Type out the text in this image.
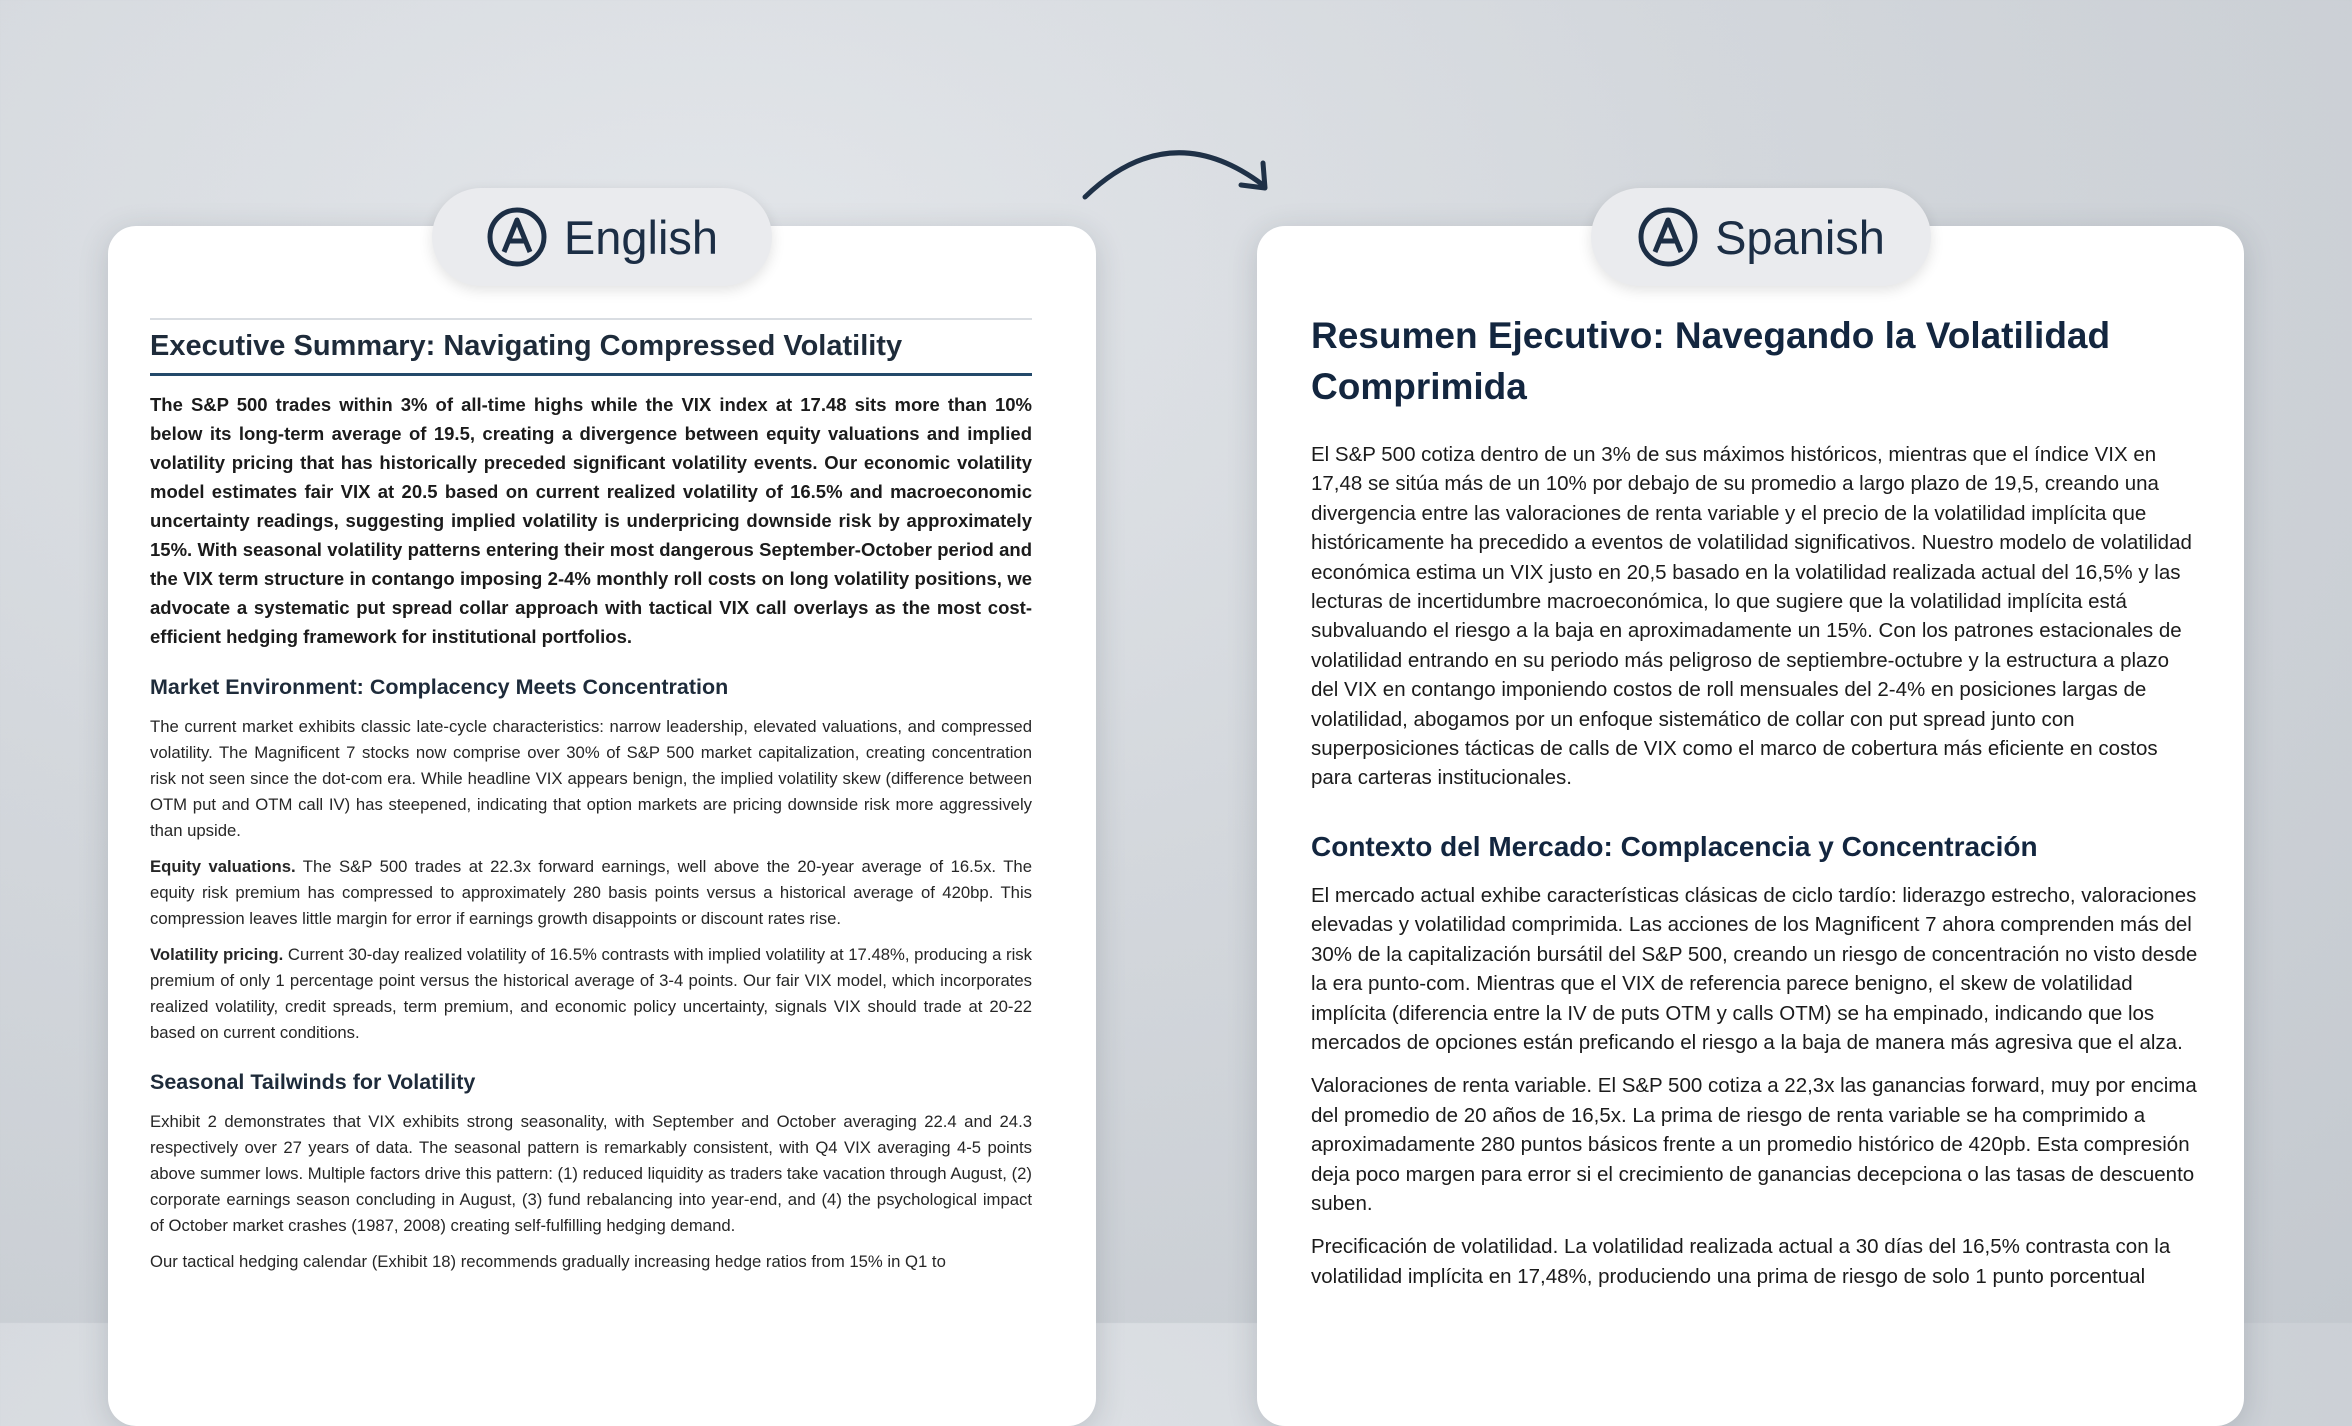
English	Spanish
Executive Summary: Navigating Compressed Volatility
The S&P 500 trades within 3% of all-time highs while the VIX index at 17.48 sits more than 10% below its long-term average of 19.5, creating a divergence between equity valuations and implied volatility pricing that has historically preceded significant volatility events. Our economic volatility model estimates fair VIX at 20.5 based on current realized volatility of 16.5% and macroeconomic uncertainty readings, suggesting implied volatility is underpricing downside risk by approximately 15%. With seasonal volatility patterns entering their most dangerous September-October period and the VIX term structure in contango imposing 2-4% monthly roll costs on long volatility positions, we advocate a systematic put spread collar approach with tactical VIX call overlays as the most cost-efficient hedging framework for institutional portfolios.
Market Environment: Complacency Meets Concentration
The current market exhibits classic late-cycle characteristics: narrow leadership, elevated valuations, and compressed volatility. The Magnificent 7 stocks now comprise over 30% of S&P 500 market capitalization, creating concentration risk not seen since the dot-com era. While headline VIX appears benign, the implied volatility skew (difference between OTM put and OTM call IV) has steepened, indicating that option markets are pricing downside risk more aggressively than upside.
Equity valuations. The S&P 500 trades at 22.3x forward earnings, well above the 20-year average of 16.5x. The equity risk premium has compressed to approximately 280 basis points versus a historical average of 420bp. This compression leaves little margin for error if earnings growth disappoints or discount rates rise.
Volatility pricing. Current 30-day realized volatility of 16.5% contrasts with implied volatility at 17.48%, producing a risk premium of only 1 percentage point versus the historical average of 3-4 points. Our fair VIX model, which incorporates realized volatility, credit spreads, term premium, and economic policy uncertainty, signals VIX should trade at 20-22 based on current conditions.
Seasonal Tailwinds for Volatility
Exhibit 2 demonstrates that VIX exhibits strong seasonality, with September and October averaging 22.4 and 24.3 respectively over 27 years of data. The seasonal pattern is remarkably consistent, with Q4 VIX averaging 4-5 points above summer lows. Multiple factors drive this pattern: (1) reduced liquidity as traders take vacation through August, (2) corporate earnings season concluding in August, (3) fund rebalancing into year-end, and (4) the psychological impact of October market crashes (1987, 2008) creating self-fulfilling hedging demand.
Our tactical hedging calendar (Exhibit 18) recommends gradually increasing hedge ratios from 15% in Q1 to
Resumen Ejecutivo: Navegando la Volatilidad Comprimida
El S&P 500 cotiza dentro de un 3% de sus máximos históricos, mientras que el índice VIX en 17,48 se sitúa más de un 10% por debajo de su promedio a largo plazo de 19,5, creando una divergencia entre las valoraciones de renta variable y el precio de la volatilidad implícita que históricamente ha precedido a eventos de volatilidad significativos. Nuestro modelo de volatilidad económica estima un VIX justo en 20,5 basado en la volatilidad realizada actual del 16,5% y las lecturas de incertidumbre macroeconómica, lo que sugiere que la volatilidad implícita está subvaluando el riesgo a la baja en aproximadamente un 15%. Con los patrones estacionales de volatilidad entrando en su periodo más peligroso de septiembre-octubre y la estructura a plazo del VIX en contango imponiendo costos de roll mensuales del 2-4% en posiciones largas de volatilidad, abogamos por un enfoque sistemático de collar con put spread junto con superposiciones tácticas de calls de VIX como el marco de cobertura más eficiente en costos para carteras institucionales.
Contexto del Mercado: Complacencia y Concentración
El mercado actual exhibe características clásicas de ciclo tardío: liderazgo estrecho, valoraciones elevadas y volatilidad comprimida. Las acciones de los Magnificent 7 ahora comprenden más del 30% de la capitalización bursátil del S&P 500, creando un riesgo de concentración no visto desde la era punto-com. Mientras que el VIX de referencia parece benigno, el skew de volatilidad implícita (diferencia entre la IV de puts OTM y calls OTM) se ha empinado, indicando que los mercados de opciones están preficando el riesgo a la baja de manera más agresiva que el alza.
Valoraciones de renta variable. El S&P 500 cotiza a 22,3x las ganancias forward, muy por encima del promedio de 20 años de 16,5x. La prima de riesgo de renta variable se ha comprimido a aproximadamente 280 puntos básicos frente a un promedio histórico de 420pb. Esta compresión deja poco margen para error si el crecimiento de ganancias decepciona o las tasas de descuento suben.
Precificación de volatilidad. La volatilidad realizada actual a 30 días del 16,5% contrasta con la volatilidad implícita en 17,48%, produciendo una prima de riesgo de solo 1 punto porcentual
